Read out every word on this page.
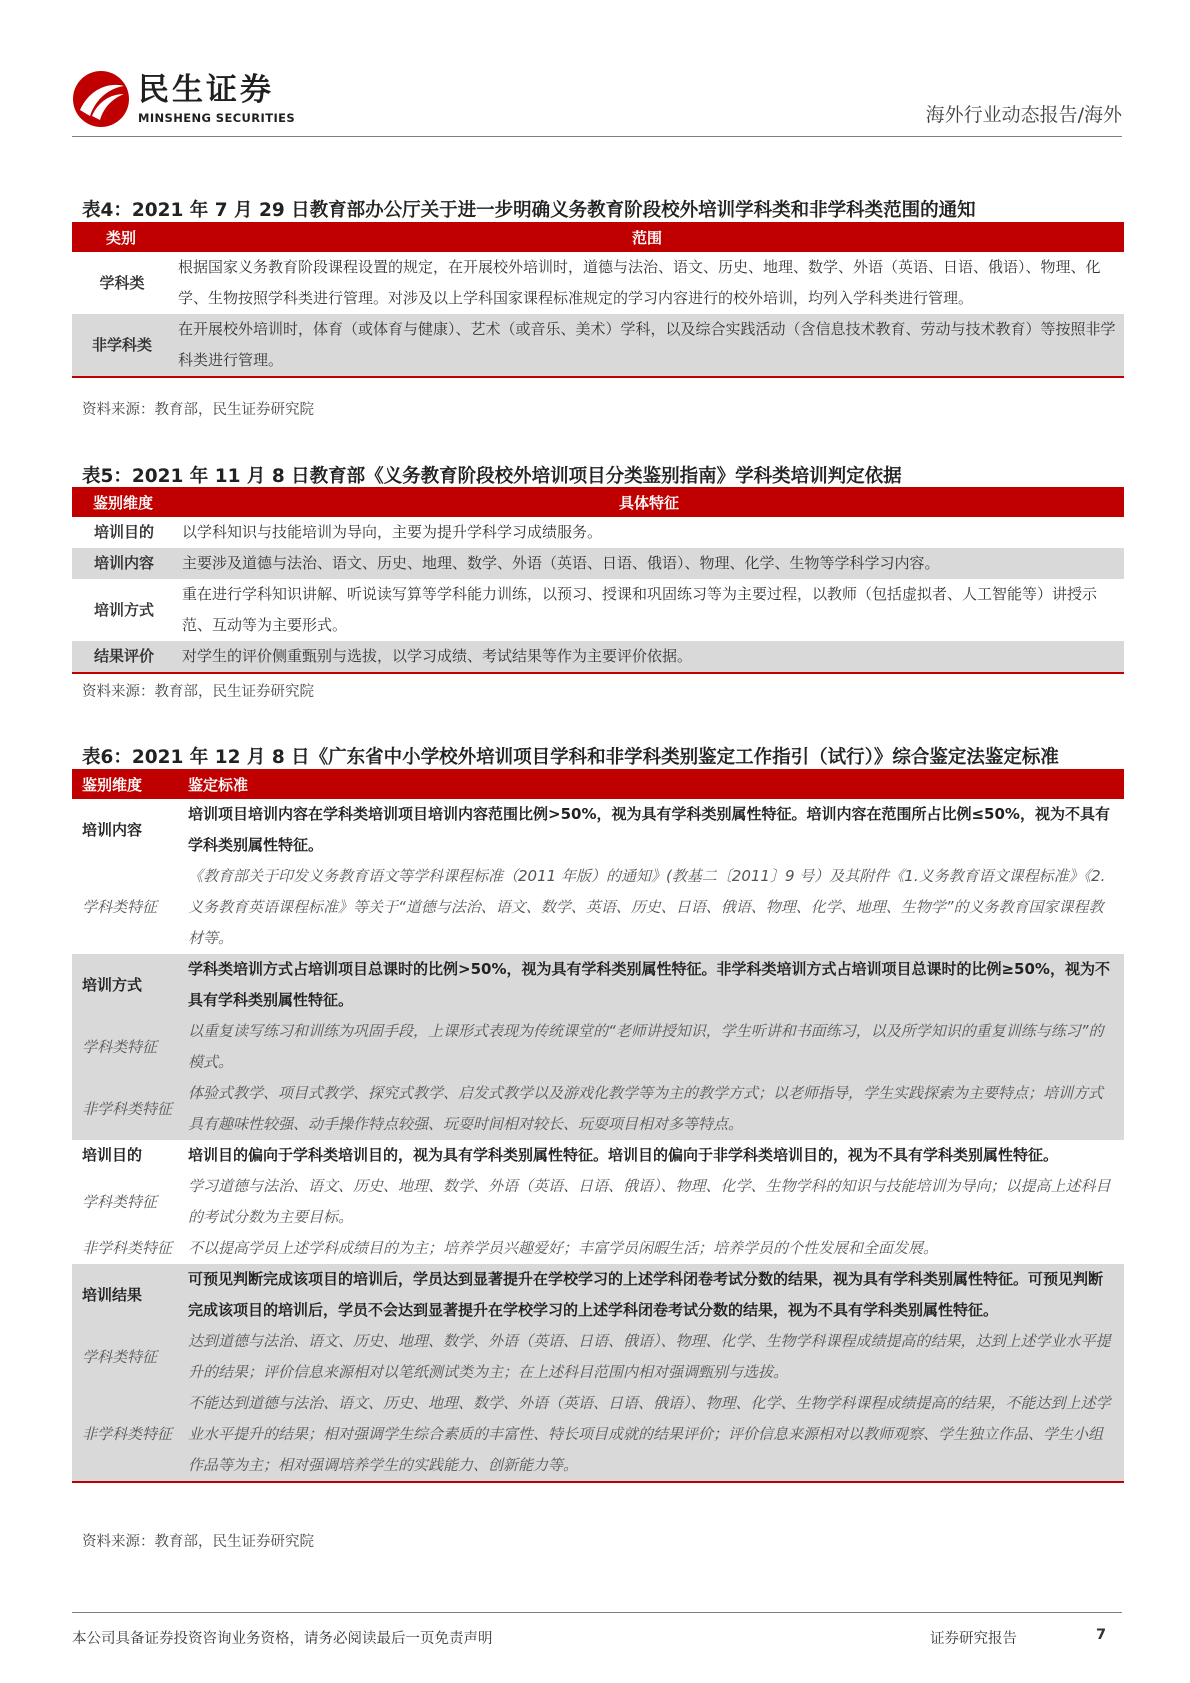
民生证券
MINSHENG SECURITIES	海外行业动态报告/海外
表4：2021 年 7 月 29 日教育部办公厅关于进一步明确义务教育阶段校外培训学科类和非学科类范围的通知
类别	范围
学科类	根据国家义务教育阶段课程设置的规定，在开展校外培训时，道德与法治、语文、历史、地理、数学、外语（英语、日语、俄语）、物理、化学、生物按照学科类进行管理。对涉及以上学科国家课程标准规定的学习内容进行的校外培训，均列入学科类进行管理。
非学科类	在开展校外培训时，体育（或体育与健康）、艺术（或音乐、美术）学科，以及综合实践活动（含信息技术教育、劳动与技术教育）等按照非学科类进行管理。
资料来源：教育部，民生证券研究院
表5：2021 年 11 月 8 日教育部《义务教育阶段校外培训项目分类鉴别指南》学科类培训判定依据
鉴别维度	具体特征
培训目的	以学科知识与技能培训为导向，主要为提升学科学习成绩服务。
培训内容	主要涉及道德与法治、语文、历史、地理、数学、外语（英语、日语、俄语）、物理、化学、生物等学科学习内容。
培训方式	重在进行学科知识讲解、听说读写算等学科能力训练，以预习、授课和巩固练习等为主要过程，以教师（包括虚拟者、人工智能等）讲授示范、互动等为主要形式。
结果评价	对学生的评价侧重甄别与选拔，以学习成绩、考试结果等作为主要评价依据。
资料来源：教育部，民生证券研究院
表6：2021 年 12 月 8 日《广东省中小学校外培训项目学科和非学科类别鉴定工作指引（试行）》综合鉴定法鉴定标准
鉴别维度	鉴定标准
培训内容	培训项目培训内容在学科类培训项目培训内容范围比例>50%，视为具有学科类别属性特征。培训内容在范围所占比例≤50%，视为不具有学科类别属性特征。
学科类特征	《教育部关于印发义务教育语文等学科课程标准（2011 年版）的通知》(教基二〔2011〕9 号）及其附件《1.义务教育语文课程标准》《2.义务教育英语课程标准》等关于“道德与法治、语文、数学、英语、历史、日语、俄语、物理、化学、地理、生物学”的义务教育国家课程教材等。
培训方式	学科类培训方式占培训项目总课时的比例>50%，视为具有学科类别属性特征。非学科类培训方式占培训项目总课时的比例≥50%，视为不具有学科类别属性特征。
学科类特征	以重复读写练习和训练为巩固手段，上课形式表现为传统课堂的“老师讲授知识，学生听讲和书面练习，以及所学知识的重复训练与练习”的模式。
非学科类特征	体验式教学、项目式教学、探究式教学、启发式教学以及游戏化教学等为主的教学方式；以老师指导，学生实践探索为主要特点；培训方式具有趣味性较强、动手操作特点较强、玩耍时间相对较长、玩耍项目相对多等特点。
培训目的	培训目的偏向于学科类培训目的，视为具有学科类别属性特征。培训目的偏向于非学科类培训目的，视为不具有学科类别属性特征。
学科类特征	学习道德与法治、语文、历史、地理、数学、外语（英语、日语、俄语）、物理、化学、生物学科的知识与技能培训为导向；以提高上述科目的考试分数为主要目标。
非学科类特征	不以提高学员上述学科成绩目的为主；培养学员兴趣爱好；丰富学员闲暇生活；培养学员的个性发展和全面发展。
培训结果	可预见判断完成该项目的培训后，学员达到显著提升在学校学习的上述学科闭卷考试分数的结果，视为具有学科类别属性特征。可预见判断完成该项目的培训后，学员不会达到显著提升在学校学习的上述学科闭卷考试分数的结果，视为不具有学科类别属性特征。
学科类特征	达到道德与法治、语文、历史、地理、数学、外语（英语、日语、俄语）、物理、化学、生物学科课程成绩提高的结果，达到上述学业水平提升的结果；评价信息来源相对以笔纸测试类为主；在上述科目范围内相对强调甄别与选拔。
非学科类特征	不能达到道德与法治、语文、历史、地理、数学、外语（英语、日语、俄语）、物理、化学、生物学科课程成绩提高的结果，不能达到上述学业水平提升的结果；相对强调学生综合素质的丰富性、特长项目成就的结果评价；评价信息来源相对以教师观察、学生独立作品、学生小组作品等为主；相对强调培养学生的实践能力、创新能力等。
资料来源：教育部，民生证券研究院
本公司具备证券投资咨询业务资格，请务必阅读最后一页免责声明	证券研究报告	7
